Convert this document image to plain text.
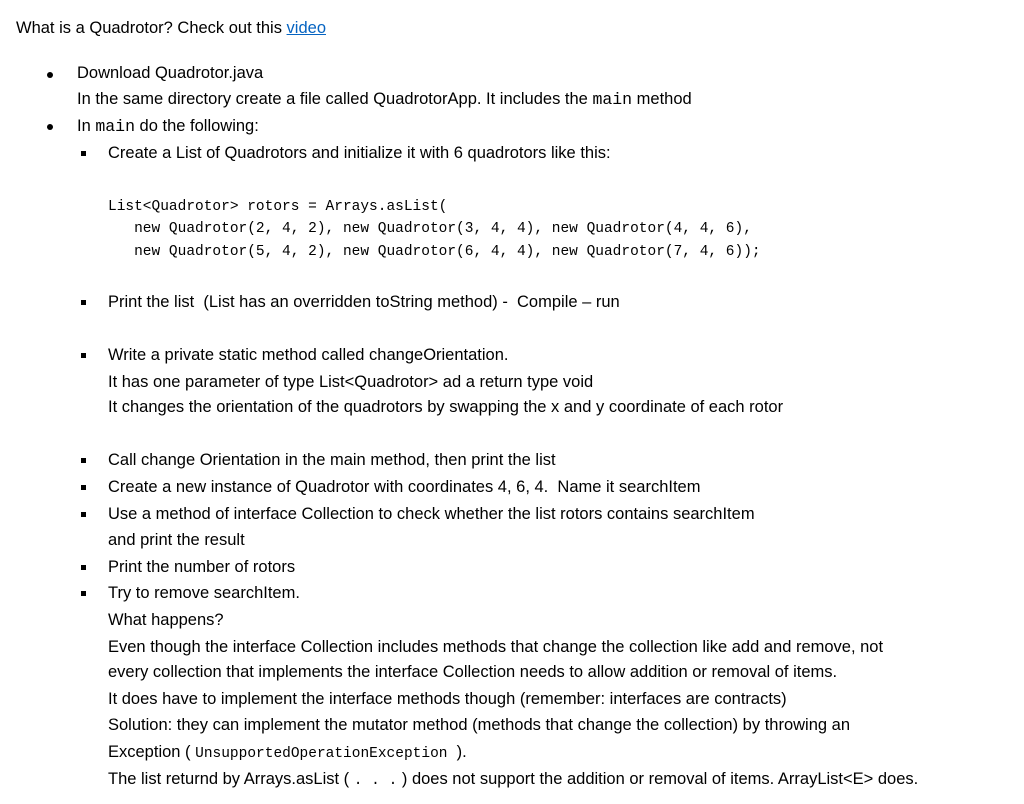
What is a Quadrotor? Check out this video
Download Quadrotor.java
In the same directory create a file called QuadrotorApp. It includes the main method
In main do the following:
Create a List of Quadrotors and initialize it with 6 quadrotors like this:
List<Quadrotor> rotors = Arrays.asList(
new Quadrotor(2, 4, 2), new Quadrotor(3, 4, 4), new Quadrotor(4, 4, 6),
new Quadrotor(5, 4, 2), new Quadrotor(6, 4, 4), new Quadrotor(7, 4, 6));
Print the list  (List has an overridden toString method) -  Compile – run
Write a private static method called changeOrientation.
It has one parameter of type List<Quadrotor> ad a return type void
It changes the orientation of the quadrotors by swapping the x and y coordinate of each rotor
Call change Orientation in the main method, then print the list
Create a new instance of Quadrotor with coordinates 4, 6, 4.  Name it searchItem
Use a method of interface Collection to check whether the list rotors contains searchItem
and print the result
Print the number of rotors
Try to remove searchItem.
What happens?
Even though the interface Collection includes methods that change the collection like add and remove, not
every collection that implements the interface Collection needs to allow addition or removal of items.
It does have to implement the interface methods though (remember: interfaces are contracts)
Solution: they can implement the mutator method (methods that change the collection) by throwing an
Exception ( UnsupportedOperationException  ).
The list returnd by Arrays.asList ( . . . ) does not support the addition or removal of items. ArrayList<E> does.
